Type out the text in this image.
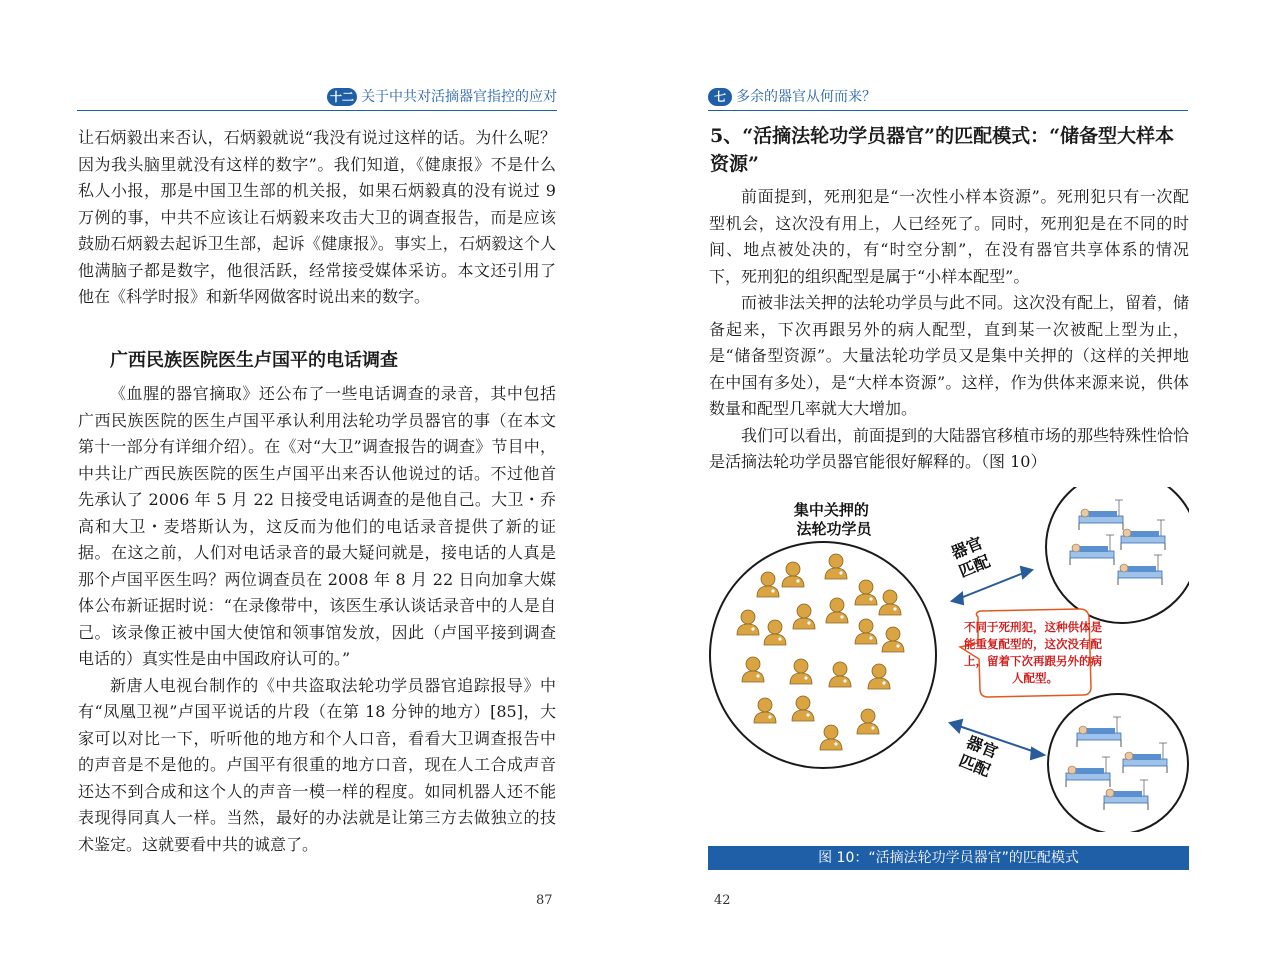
十二 关于中共对活摘器官指控的应对

让石炳毅出来否认，石炳毅就说“我没有说过这样的话。为什么呢？因为我头脑里就没有这样的数字”。我们知道，《健康报》不是什么私人小报，那是中国卫生部的机关报，如果石炳毅真的没有说过 9 万例的事，中共不应该让石炳毅来攻击大卫的调查报告，而是应该鼓励石炳毅去起诉卫生部，起诉《健康报》。事实上，石炳毅这个人他满脑子都是数字，他很活跃，经常接受媒体采访。本文还引用了他在《科学时报》和新华网做客时说出来的数字。

广西民族医院医生卢国平的电话调查

《血腥的器官摘取》还公布了一些电话调查的录音，其中包括广西民族医院的医生卢国平承认利用法轮功学员器官的事（在本文第十一部分有详细介绍）。在《对“大卫”调查报告的调查》节目中，中共让广西民族医院的医生卢国平出来否认他说过的话。不过他首先承认了 2006 年 5 月 22 日接受电话调查的是他自己。大卫・乔高和大卫・麦塔斯认为，这反而为他们的电话录音提供了新的证据。在这之前，人们对电话录音的最大疑问就是，接电话的人真是那个卢国平医生吗？两位调查员在 2008 年 8 月 22 日向加拿大媒体公布新证据时说：“在录像带中，该医生承认谈话录音中的人是自己。该录像正被中国大使馆和领事馆发放，因此（卢国平接到调查电话的）真实性是由中国政府认可的。”

新唐人电视台制作的《中共盗取法轮功学员器官追踪报导》中有“凤凰卫视”卢国平说话的片段（在第 18 分钟的地方）[85]，大家可以对比一下，听听他的地方和个人口音，看看大卫调查报告中的声音是不是他的。卢国平有很重的地方口音，现在人工合成声音还达不到合成和这个人的声音一模一样的程度。如同机器人还不能表现得同真人一样。当然，最好的办法就是让第三方去做独立的技术鉴定。这就要看中共的诚意了。

87
七 多余的器官从何而来？
5、“活摘法轮功学员器官”的匹配模式：“储备型大样本资源”

前面提到，死刑犯是“一次性小样本资源”。死刑犯只有一次配型机会，这次没有用上，人已经死了。同时，死刑犯是在不同的时间、地点被处决的，有“时空分割”，在没有器官共享体系的情况下，死刑犯的组织配型是属于“小样本配型”。

而被非法关押的法轮功学员与此不同。这次没有配上，留着，储备起来，下次再跟另外的病人配型，直到某一次被配上型为止，是“储备型资源”。大量法轮功学员又是集中关押的（这样的关押地在中国有多处），是“大样本资源”。这样，作为供体来源来说，供体数量和配型几率就大大增加。

我们可以看出，前面提到的大陆器官移植市场的那些特殊性恰恰是活摘法轮功学员器官能很好解释的。（图 10）

集中关押的 法轮功学员
器官 匹配
器官 匹配
不同于死刑犯，这种供体是 能重复配型的，这次没有配 上，留着下次再跟另外的病 人配型。
图 10：“活摘法轮功学员器官”的匹配模式
42
